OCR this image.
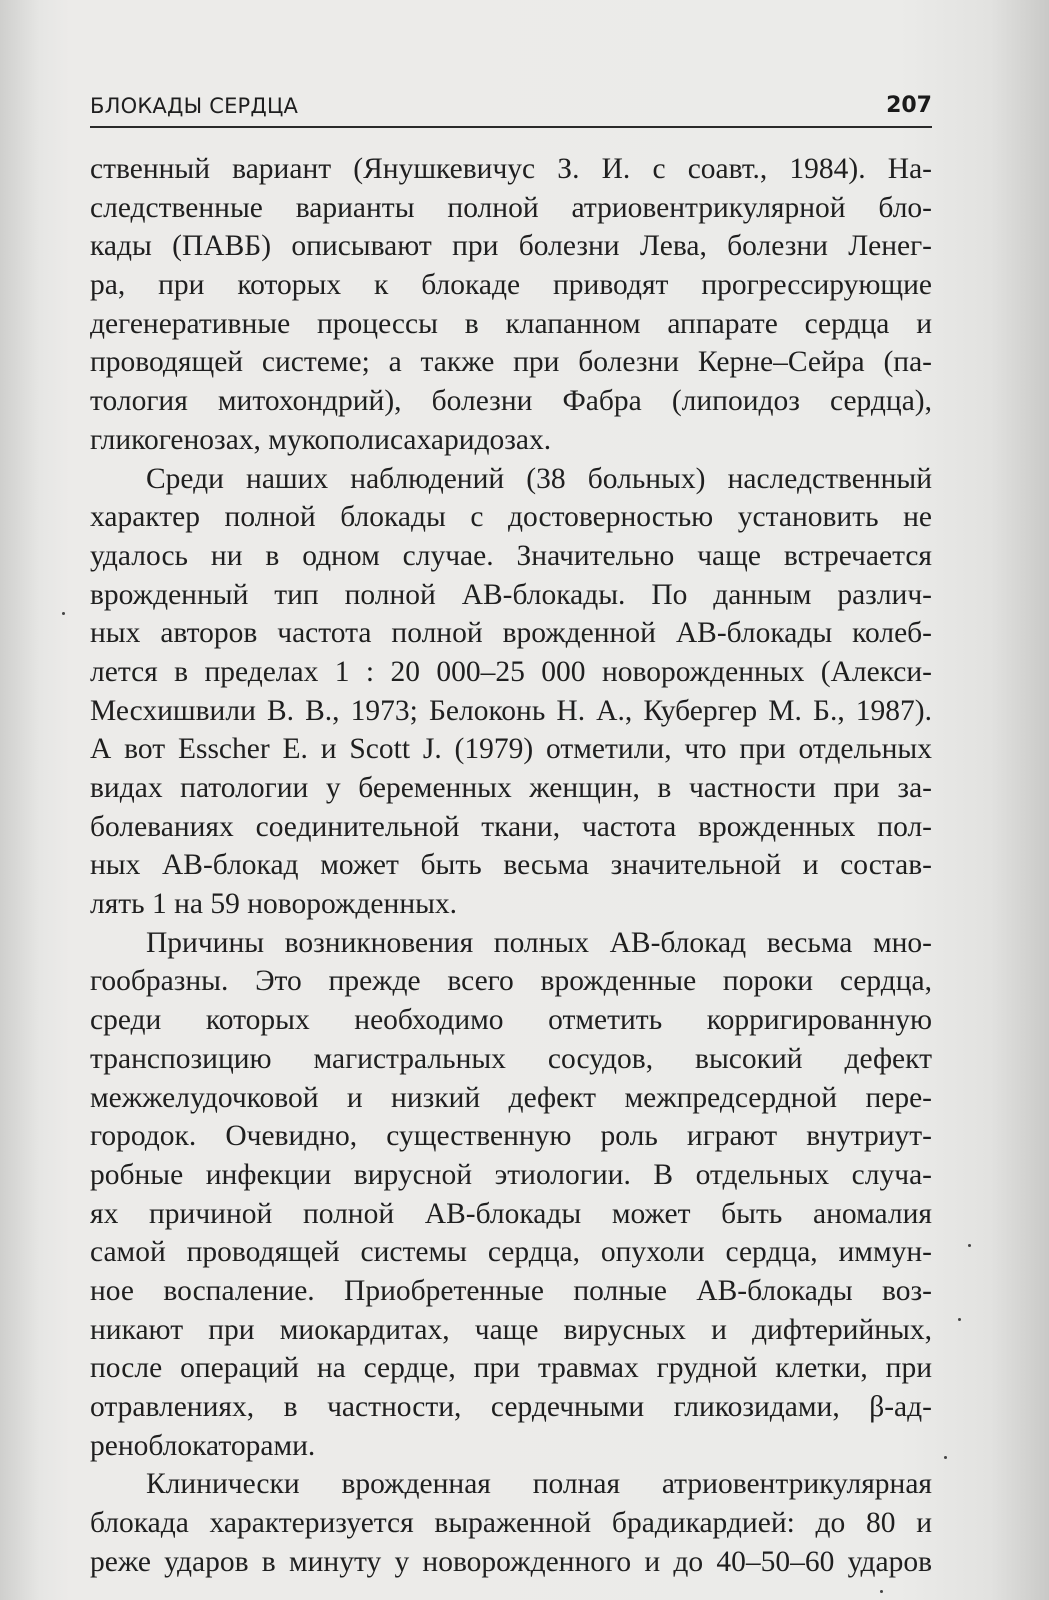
БЛОКАДЫ СЕРДЦА	207
ственный вариант (Янушкевичус З. И. с соавт., 1984). На-
следственные варианты полной атриовентрикулярной бло-
кады (ПАВБ) описывают при болезни Лева, болезни Ленег-
ра, при которых к блокаде приводят прогрессирующие
дегенеративные процессы в клапанном аппарате сердца и
проводящей системе; а также при болезни Керне–Сейра (па-
тология митохондрий), болезни Фабра (липоидоз сердца),
гликогенозах, мукополисахаридозах.
Среди наших наблюдений (38 больных) наследственный
характер полной блокады с достоверностью установить не
удалось ни в одном случае. Значительно чаще встречается
врожденный тип полной АВ-блокады. По данным различ-
ных авторов частота полной врожденной АВ-блокады колеб-
лется в пределах 1 : 20 000–25 000 новорожденных (Алекси-
Месхишвили В. В., 1973; Белоконь Н. А., Кубергер М. Б., 1987).
А вот Esscher E. и Scott J. (1979) отметили, что при отдельных
видах патологии у беременных женщин, в частности при за-
болеваниях соединительной ткани, частота врожденных пол-
ных АВ-блокад может быть весьма значительной и состав-
лять 1 на 59 новорожденных.
Причины возникновения полных АВ-блокад весьма мно-
гообразны. Это прежде всего врожденные пороки сердца,
среди которых необходимо отметить корригированную
транспозицию магистральных сосудов, высокий дефект
межжелудочковой и низкий дефект межпредсердной пере-
городок. Очевидно, существенную роль играют внутриут-
робные инфекции вирусной этиологии. В отдельных случа-
ях причиной полной АВ-блокады может быть аномалия
самой проводящей системы сердца, опухоли сердца, иммун-
ное воспаление. Приобретенные полные АВ-блокады воз-
никают при миокардитах, чаще вирусных и дифтерийных,
после операций на сердце, при травмах грудной клетки, при
отравлениях, в частности, сердечными гликозидами, β-ад-
реноблокаторами.
Клинически врожденная полная атриовентрикулярная
блокада характеризуется выраженной брадикардией: до 80 и
реже ударов в минуту у новорожденного и до 40–50–60 ударов
